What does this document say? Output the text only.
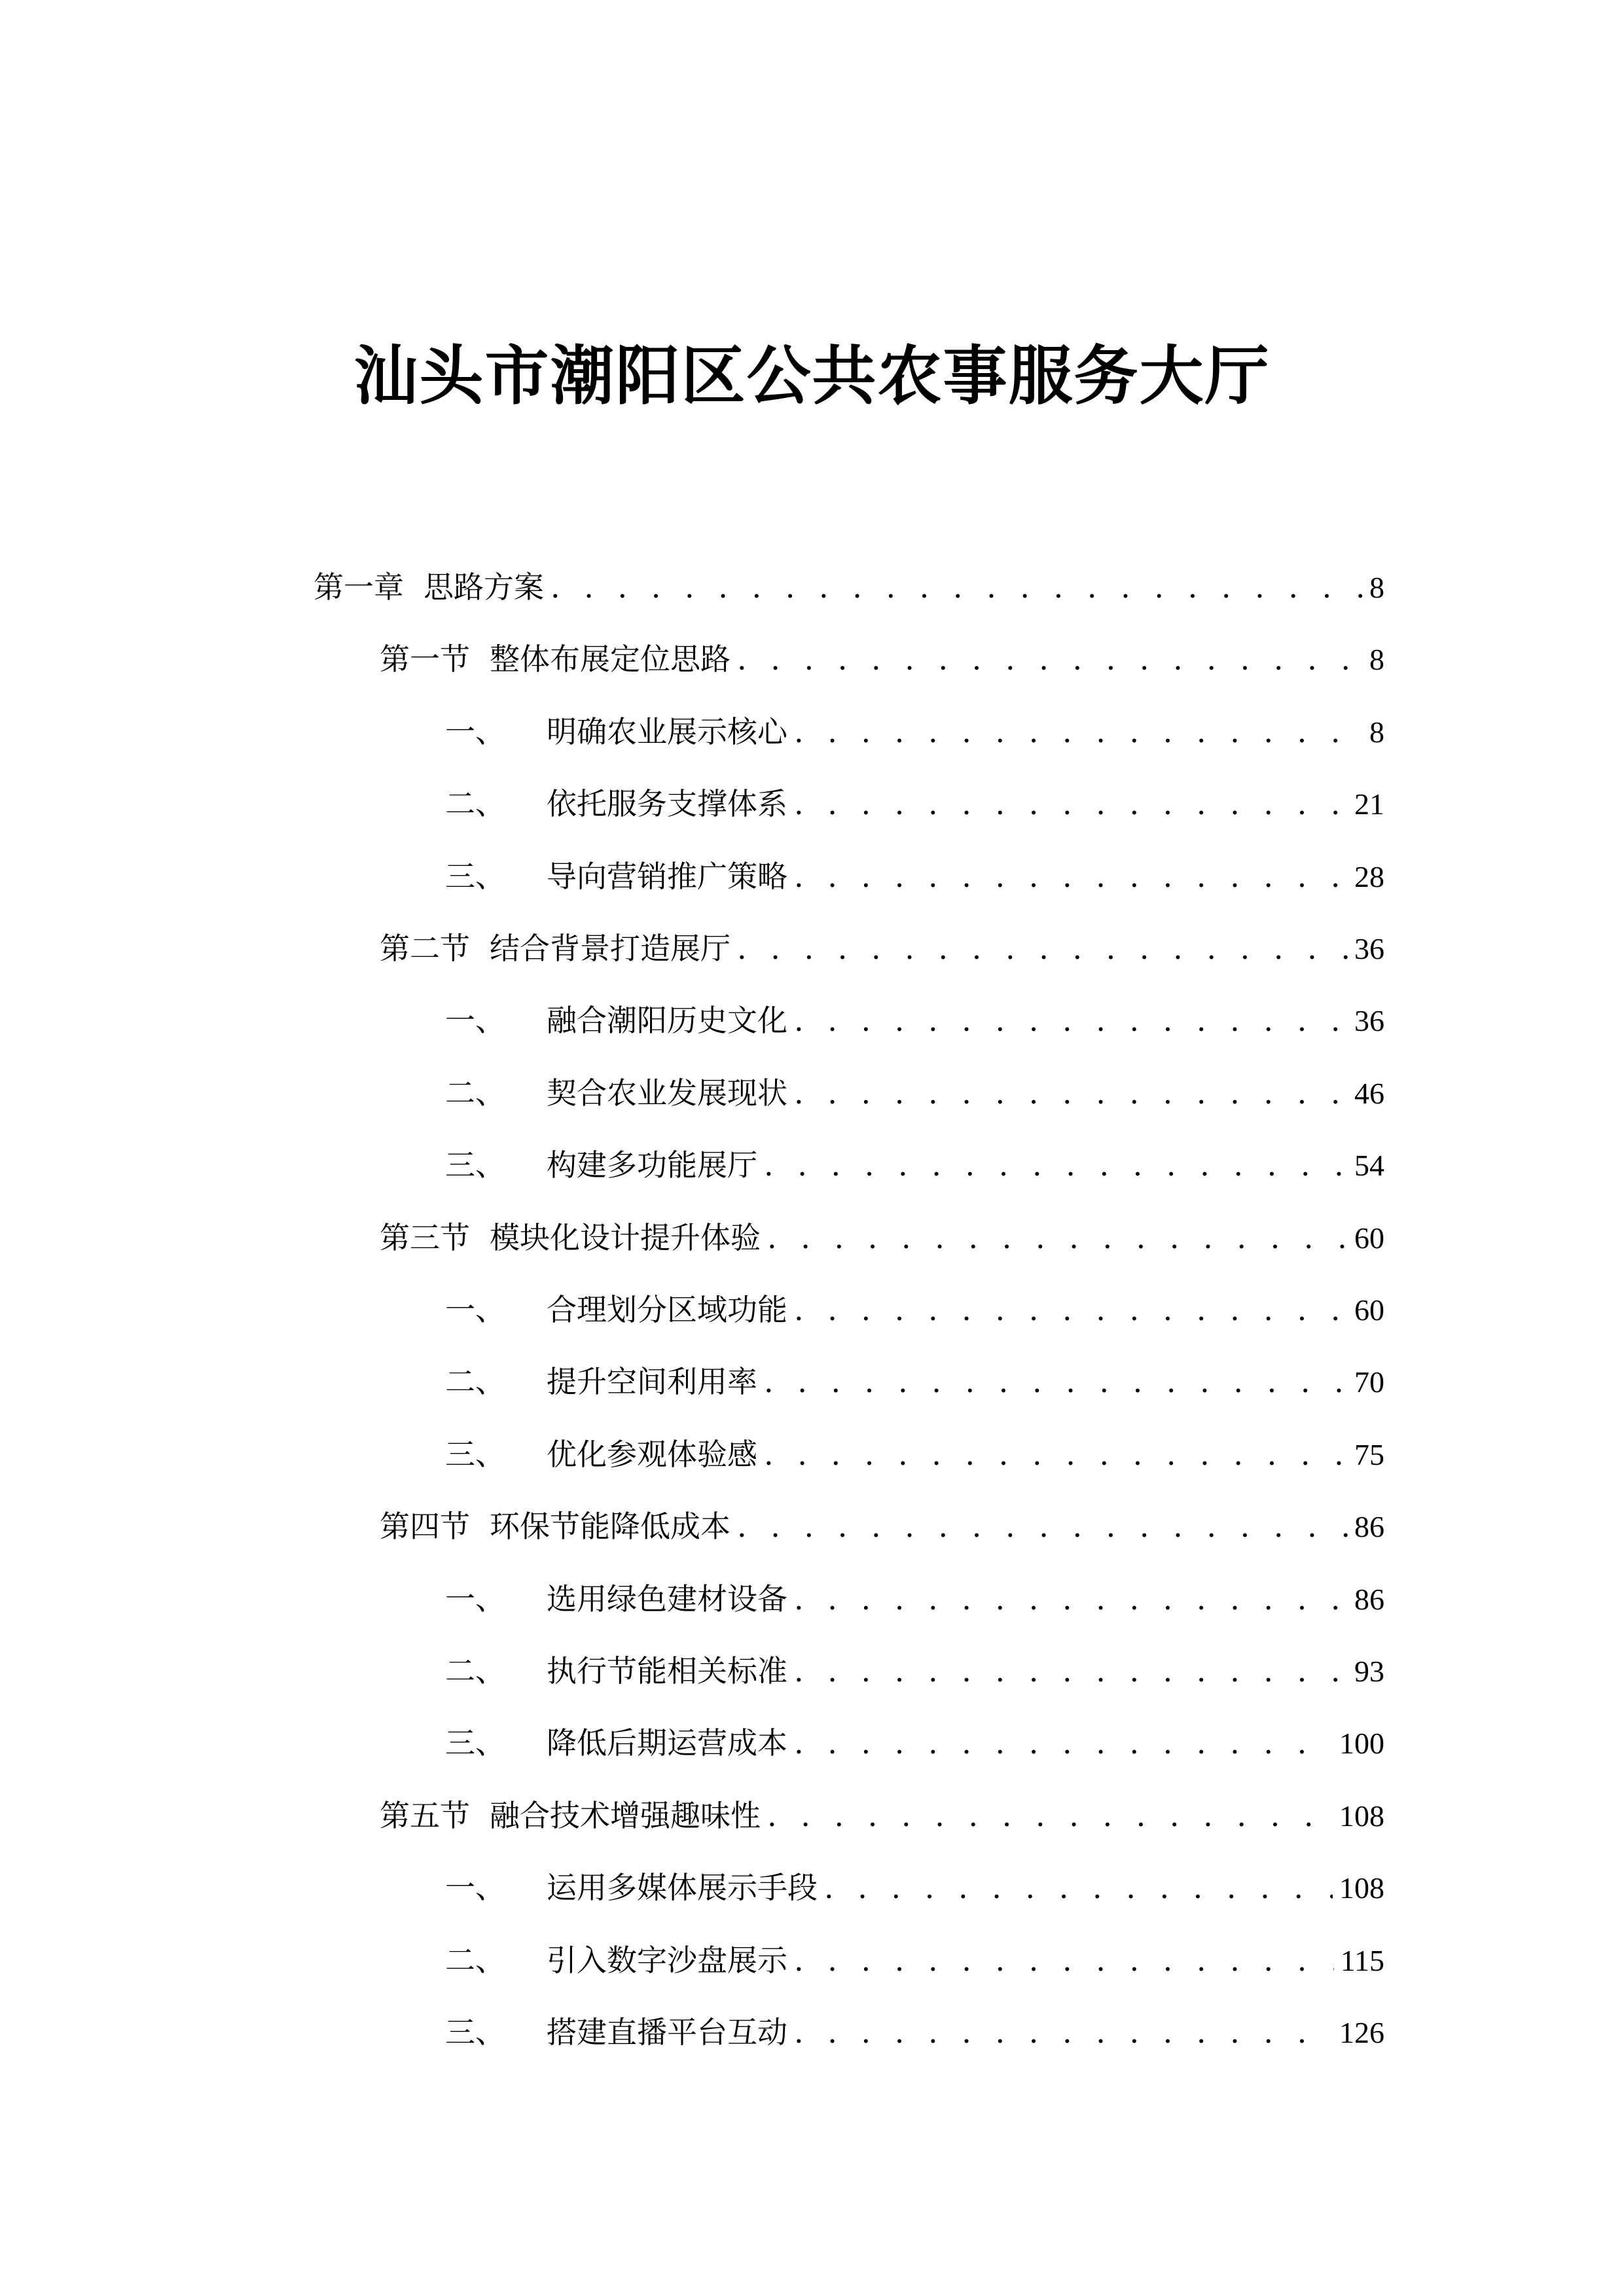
汕头市潮阳区公共农事服务大厅
第一章 思路方案 . . .	8
第一节 整体布展定位思路 . . .	8
一、 明确农业展示核心 . . .	8
二、 依托服务支撑体系 . . .	21
三、 导向营销推广策略 . . .	28
第二节 结合背景打造展厅 . . .	36
一、 融合潮阳历史文化 . . .	36
二、 契合农业发展现状 . . .	46
三、 构建多功能展厅 . . .	54
第三节 模块化设计提升体验 . . .	60
一、 合理划分区域功能 . . .	60
二、 提升空间利用率 . . .	70
三、 优化参观体验感 . . .	75
第四节 环保节能降低成本 . . .	86
一、 选用绿色建材设备 . . .	86
二、 执行节能相关标准 . . .	93
三、 降低后期运营成本 . . .	100
第五节 融合技术增强趣味性 . . .	108
一、 运用多媒体展示手段 . . .	108
二、 引入数字沙盘展示 . . .	115
三、 搭建直播平台互动 . . .	126
